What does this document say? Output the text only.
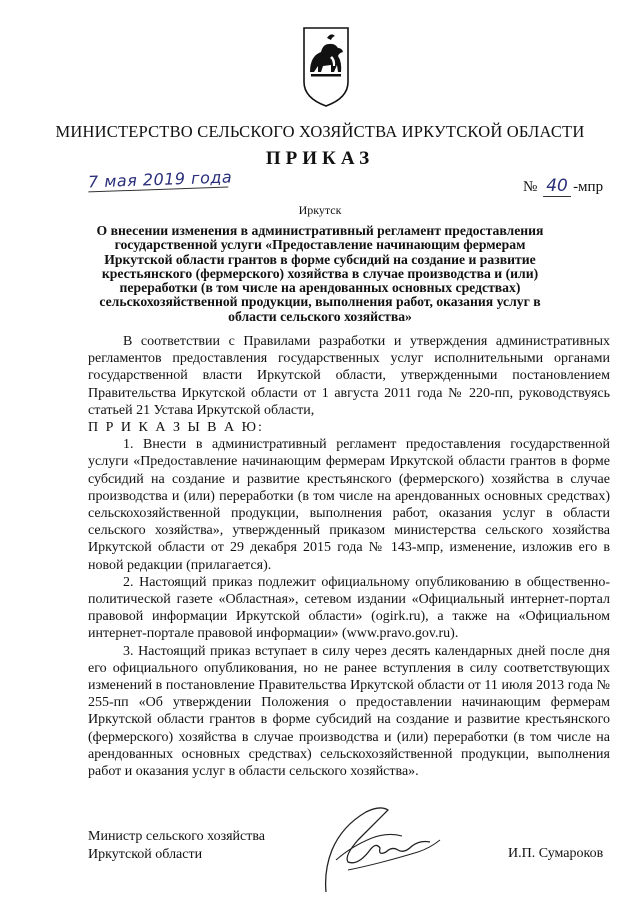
МИНИСТЕРСТВО СЕЛЬСКОГО ХОЗЯЙСТВА ИРКУТСКОЙ ОБЛАСТИ
ПРИКАЗ
7 мая 2019 года	№ 40 -мпр
Иркутск
О внесении изменения в административный регламент предоставления государственной услуги «Предоставление начинающим фермерам Иркутской области грантов в форме субсидий на создание и развитие крестьянского (фермерского) хозяйства в случае производства и (или) переработки (в том числе на арендованных основных средствах) сельскохозяйственной продукции, выполнения работ, оказания услуг в области сельского хозяйства»

В соответствии с Правилами разработки и утверждения административных регламентов предоставления государственных услуг исполнительными органами государственной власти Иркутской области, утвержденными постановлением Правительства Иркутской области от 1 августа 2011 года № 220-пп, руководствуясь статьей 21 Устава Иркутской области,

П Р И К А З Ы В А Ю:

1. Внести в административный регламент предоставления государственной услуги «Предоставление начинающим фермерам Иркутской области грантов в форме субсидий на создание и развитие крестьянского (фермерского) хозяйства в случае производства и (или) переработки (в том числе на арендованных основных средствах) сельскохозяйственной продукции, выполнения работ, оказания услуг в области сельского хозяйства», утвержденный приказом министерства сельского хозяйства Иркутской области от 29 декабря 2015 года № 143-мпр, изменение, изложив его в новой редакции (прилагается).

2. Настоящий приказ подлежит официальному опубликованию в общественно-политической газете «Областная», сетевом издании «Официальный интернет-портал правовой информации Иркутской области» (ogirk.ru), а также на «Официальном интернет-портале правовой информации» (www.pravo.gov.ru).

3. Настоящий приказ вступает в силу через десять календарных дней после дня его официального опубликования, но не ранее вступления в силу соответствующих изменений в постановление Правительства Иркутской области от 11 июля 2013 года № 255-пп «Об утверждении Положения о предоставлении начинающим фермерам Иркутской области грантов в форме субсидий на создание и развитие крестьянского (фермерского) хозяйства в случае производства и (или) переработки (в том числе на арендованных основных средствах) сельскохозяйственной продукции, выполнения работ и оказания услуг в области сельского хозяйства».

Министр сельского хозяйства
Иркутской области	И.П. Сумароков
